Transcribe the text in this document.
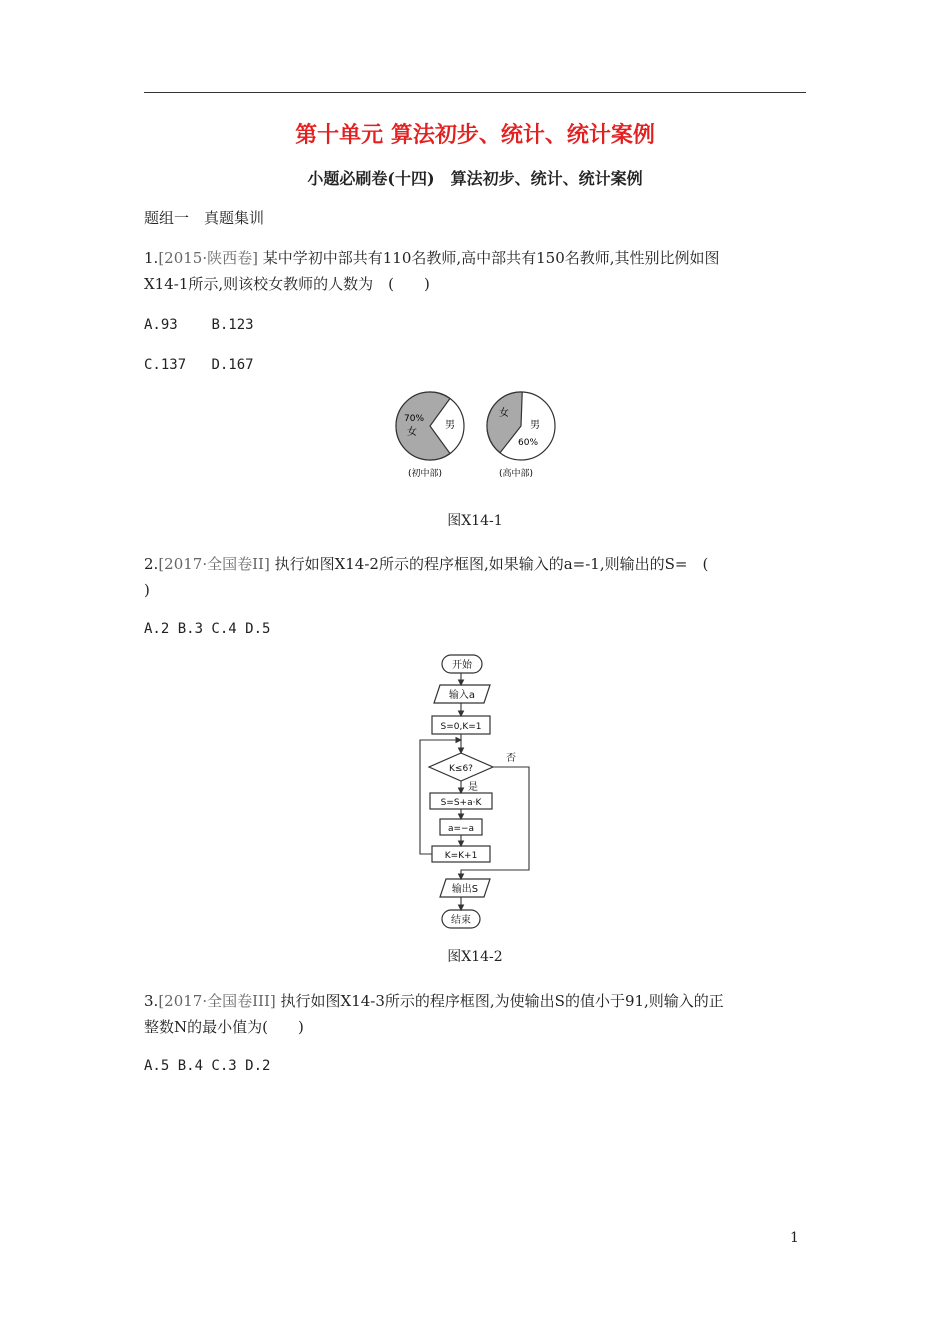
第十单元 算法初步、统计、统计案例
小题必刷卷(十四)　算法初步、统计、统计案例
题组一　真题集训
1.[2015·陕西卷] 某中学初中部共有110名教师,高中部共有150名教师,其性别比例如图
X14-1所示,则该校女教师的人数为　(　　)
A.93 B.123
C.137 D.167
70%
女
男
(初中部)
女
男
60%
(高中部)
图X14-1
2.[2017·全国卷II] 执行如图X14-2所示的程序框图,如果输入的a=-1,则输出的S=　(
)
A.2 B.3 C.4 D.5
开始
输入a
S=0,K=1
K≤6?
S=S+a·K
a=−a
K=K+1
输出S
结束
是
否
图X14-2
3.[2017·全国卷III] 执行如图X14-3所示的程序框图,为使输出S的值小于91,则输入的正
整数N的最小值为(　　)
A.5 B.4 C.3 D.2
1
